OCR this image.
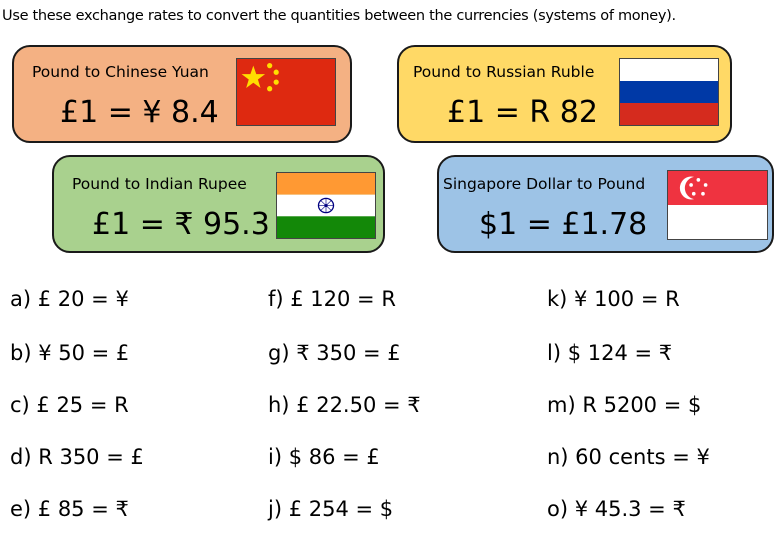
Use these exchange rates to convert the quantities between the currencies (systems of money).
Pound to Chinese Yuan
£1 = ¥ 8.4
Pound to Russian Ruble
£1 = R 82
Pound to Indian Rupee
£1 = ₹ 95.3
Singapore Dollar to Pound
$1 = £1.78
a) £ 20 = ¥
b) ¥ 50 = £
c) £ 25 = R
d) R 350 = £
e) £ 85 = ₹
f) £ 120 = R
g) ₹ 350 = £
h) £ 22.50 = ₹
i) $ 86 = £
j) £ 254 = $
k) ¥ 100 = R
l) $ 124 = ₹
m) R 5200 = $
n) 60 cents = ¥
o) ¥ 45.3 = ₹
